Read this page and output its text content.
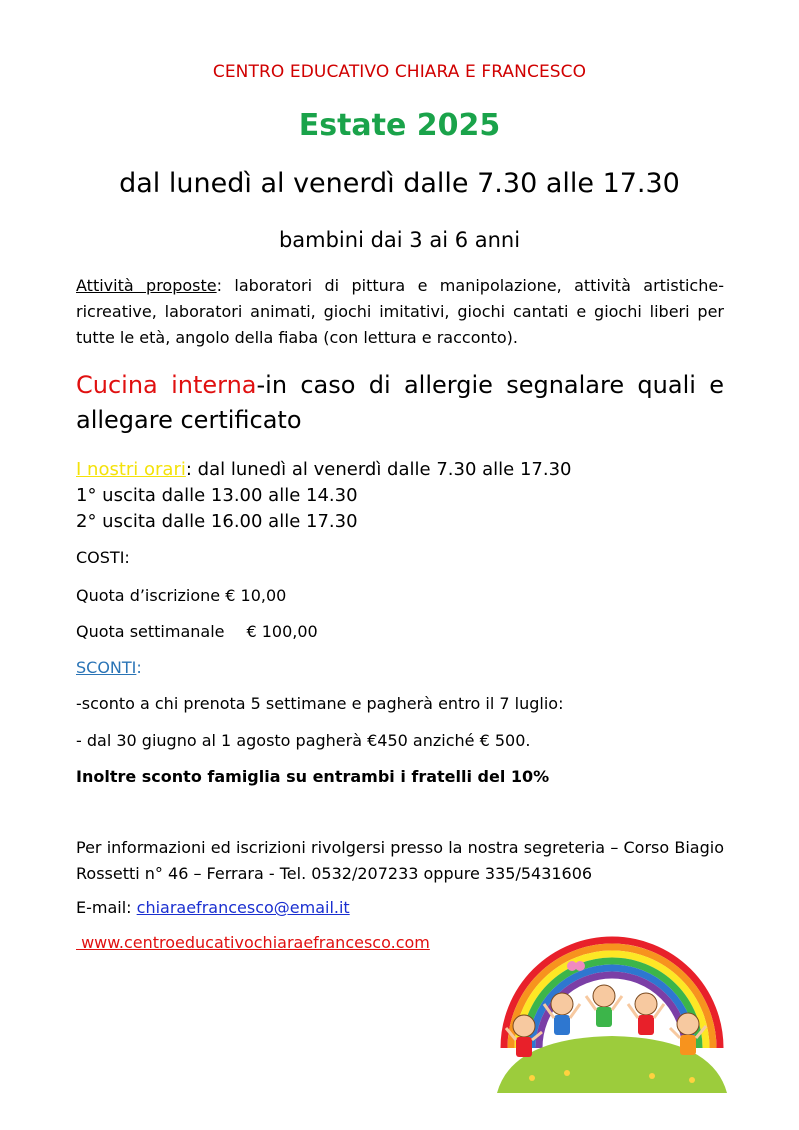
CENTRO EDUCATIVO CHIARA E FRANCESCO
Estate 2025
dal lunedì al venerdì dalle 7.30 alle 17.30
bambini dai 3 ai 6 anni
Attività proposte: laboratori di pittura e manipolazione, attività artistiche-ricreative, laboratori animati, giochi imitativi, giochi cantati e giochi liberi per tutte le età, angolo della fiaba (con lettura e racconto).
Cucina interna-in caso di allergie segnalare quali e allegare certificato
I nostri orari: dal lunedì al venerdì dalle 7.30 alle 17.30
1° uscita dalle 13.00 alle 14.30
2° uscita dalle 16.00 alle 17.30
COSTI:
Quota d’iscrizione € 10,00
Quota settimanale € 100,00
SCONTI:
-sconto a chi prenota 5 settimane e pagherà entro il 7 luglio:
- dal 30 giugno al 1 agosto pagherà €450 anziché € 500.
Inoltre sconto famiglia su entrambi i fratelli del 10%
Per informazioni ed iscrizioni rivolgersi presso la nostra segreteria – Corso Biagio Rossetti n° 46 – Ferrara - Tel. 0532/207233 oppure 335/5431606
E-mail: chiaraefrancesco@email.it
www.centroeducativochiaraefrancesco.com
